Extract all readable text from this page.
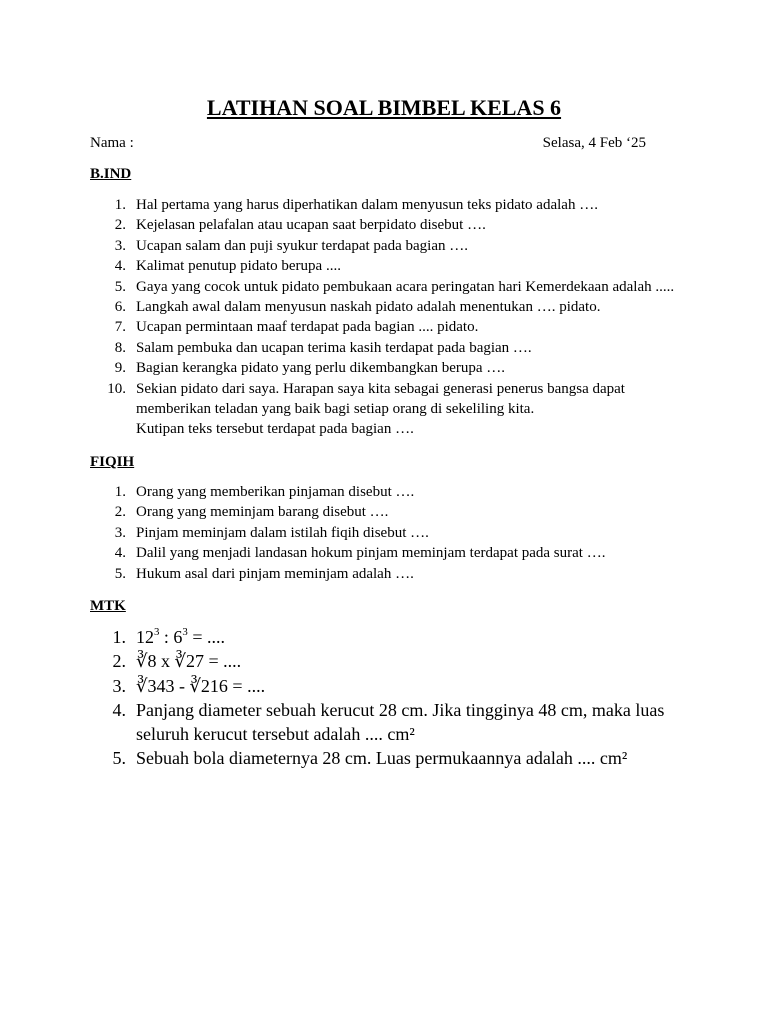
LATIHAN SOAL BIMBEL KELAS 6
Nama :	Selasa, 4 Feb ‘25
B.IND
1. Hal pertama yang harus diperhatikan dalam menyusun teks pidato adalah ….
2. Kejelasan pelafalan atau ucapan saat berpidato disebut ….
3. Ucapan salam dan puji syukur terdapat pada bagian ….
4. Kalimat penutup pidato berupa ....
5. Gaya yang cocok untuk pidato pembukaan acara peringatan hari Kemerdekaan adalah .....
6. Langkah awal dalam menyusun naskah pidato adalah menentukan …. pidato.
7. Ucapan permintaan maaf terdapat pada bagian .... pidato.
8. Salam pembuka dan ucapan terima kasih terdapat pada bagian ….
9. Bagian kerangka pidato yang perlu dikembangkan berupa ….
10. Sekian pidato dari saya. Harapan saya kita sebagai generasi penerus bangsa dapat
memberikan teladan yang baik bagi setiap orang di sekeliling kita.
Kutipan teks tersebut terdapat pada bagian ….
FIQIH
1. Orang yang memberikan pinjaman disebut ….
2. Orang yang meminjam barang disebut ….
3. Pinjam meminjam dalam istilah fiqih disebut ….
4. Dalil yang menjadi landasan hokum pinjam meminjam terdapat pada surat ….
5. Hukum asal dari pinjam meminjam adalah ….
MTK
1. $12^3$ : $6^3$ = ....
2. ∛8 x ∛27 = ....
3. ∛343 - ∛216 = ....
4. Panjang diameter sebuah kerucut 28 cm. Jika tingginya 48 cm, maka luas
seluruh kerucut tersebut adalah .... cm²
5. Sebuah bola diameternya 28 cm. Luas permukaannya adalah .... cm²
